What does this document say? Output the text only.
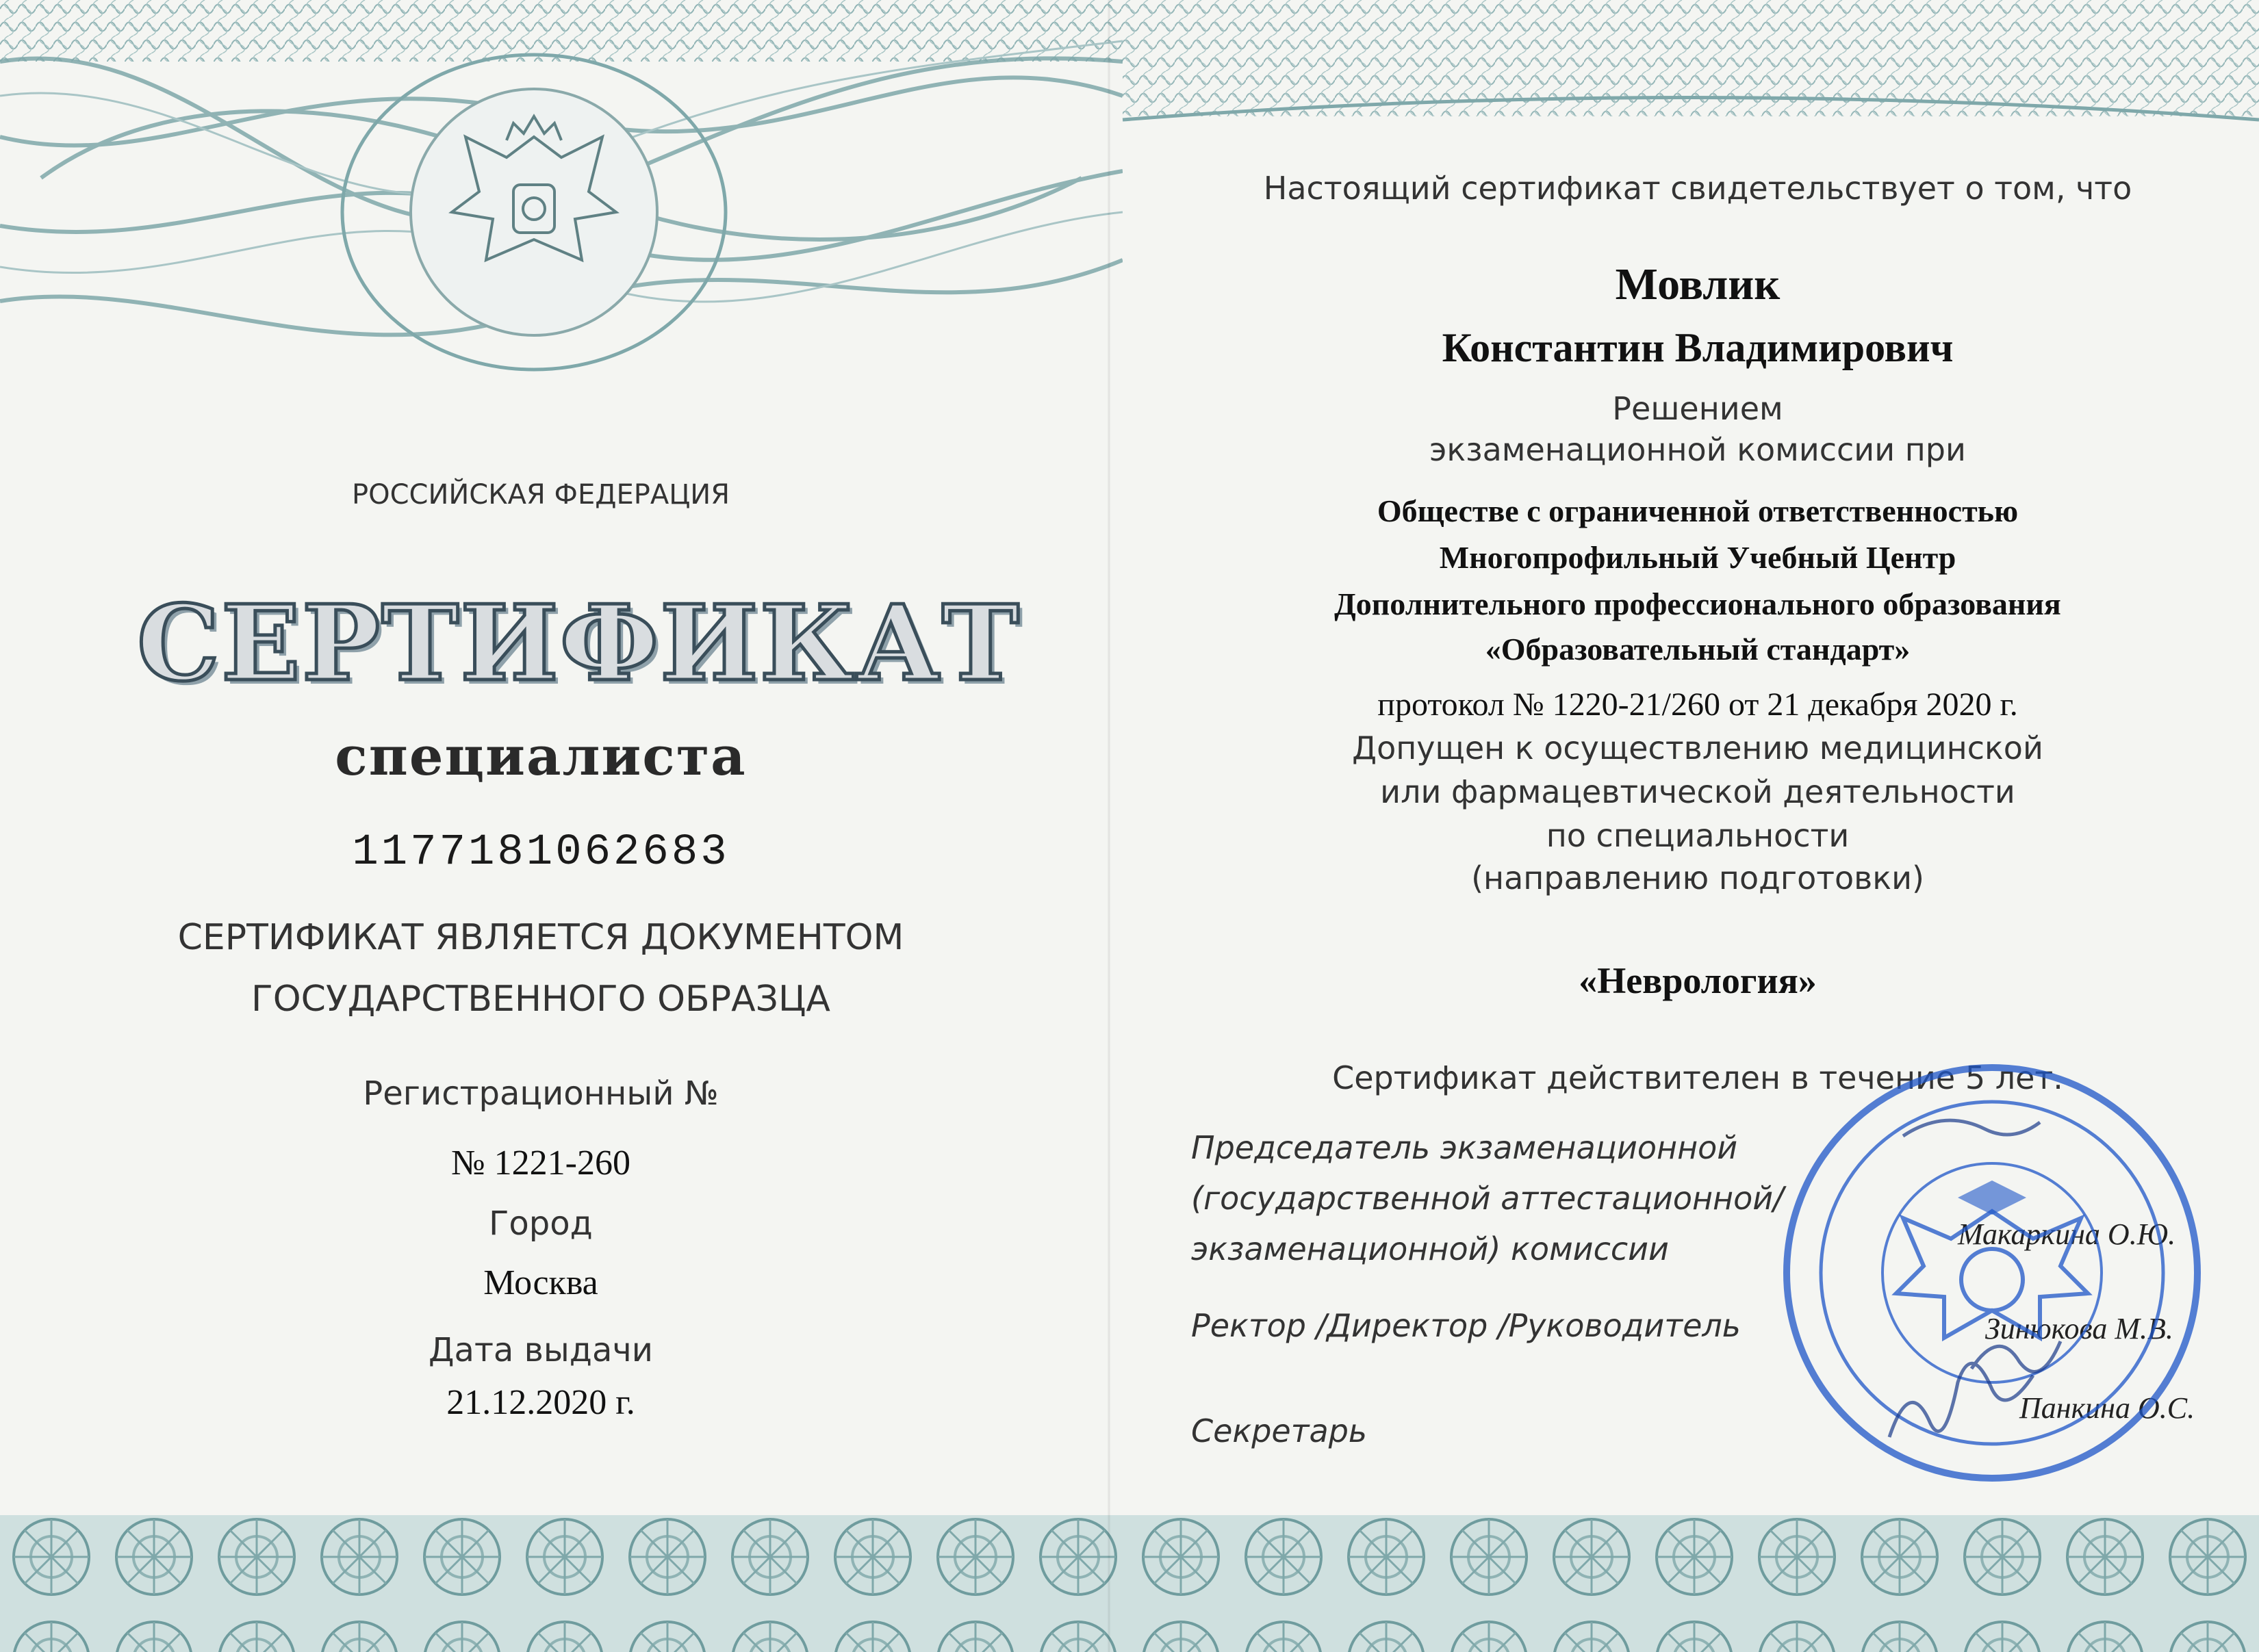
РОССИЙСКАЯ ФЕДЕРАЦИЯ
СЕРТИФИКАТ
специалиста
1177181062683
СЕРТИФИКАТ ЯВЛЯЕТСЯ ДОКУМЕНТОМ
ГОСУДАРСТВЕННОГО ОБРАЗЦА
Регистрационный №
№ 1221-260
Город
Москва
Дата выдачи
21.12.2020 г.
Настоящий сертификат свидетельствует о том, что
Мовлик
Константин Владимирович
Решением
экзаменационной комиссии при
Обществе с ограниченной ответственностью
Многопрофильный Учебный Центр
Дополнительного профессионального образования
«Образовательный стандарт»
протокол № 1220-21/260 от 21 декабря 2020 г.
Допущен к осуществлению медицинской
или фармацевтической деятельности
по специальности
(направлению подготовки)
«Неврология»
Сертификат действителен в течение 5 лет.
Председатель экзаменационной
(государственной аттестационной/
экзаменационной) комиссии	Макаркина О.Ю.
Ректор /Директор /Руководитель	Зинюкова М.В.
Секретарь
Панкина О.С.
